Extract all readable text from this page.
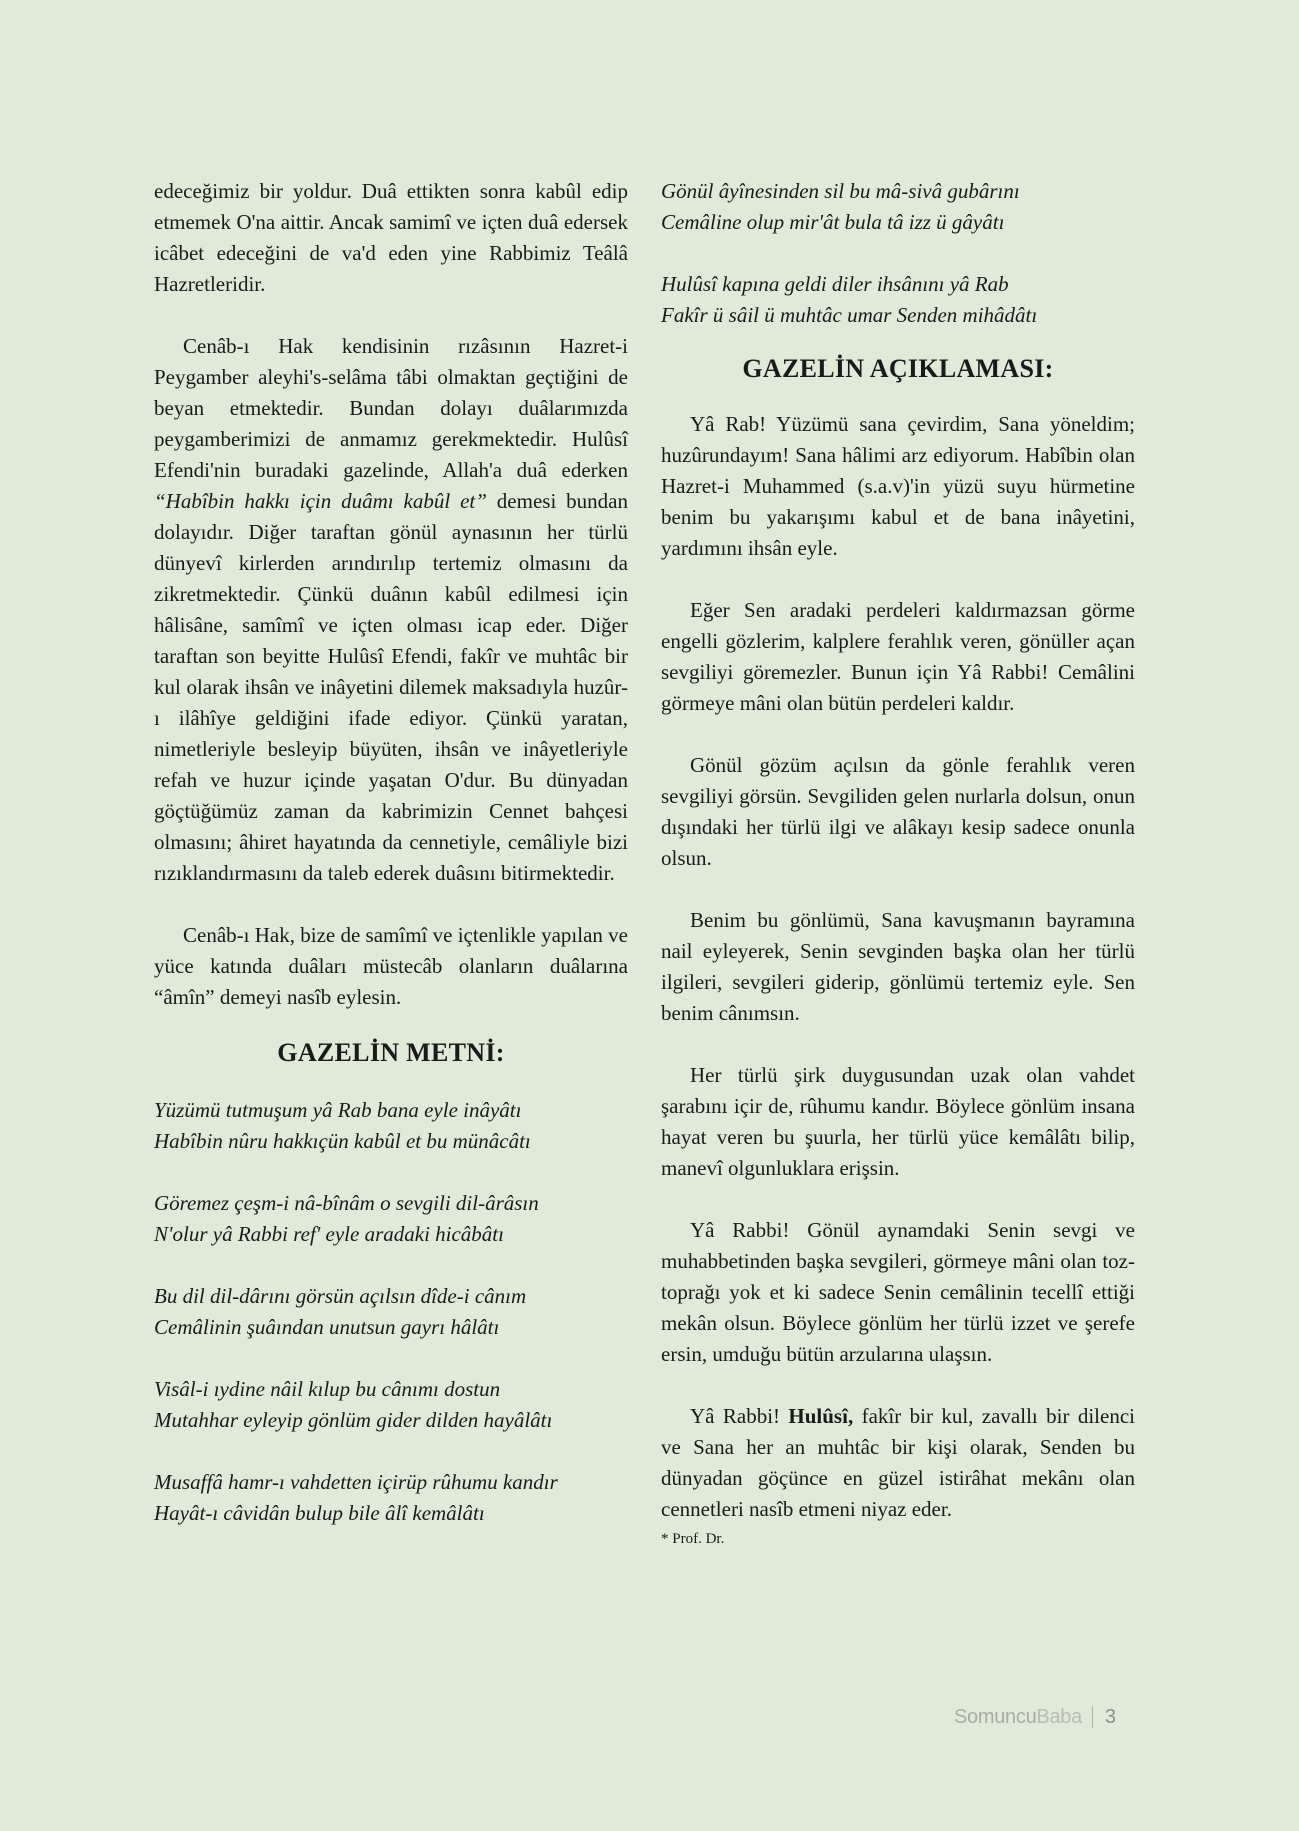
edeceğimiz bir yoldur. Duâ ettikten sonra kabûl edip etmemek O'na aittir. Ancak samimî ve içten duâ edersek icâbet edeceğini de va'd eden yine Rabbimiz Teâlâ Hazretleridir.

Cenâb-ı Hak kendisinin rızâsının Hazret-i Peygamber aleyhi's-selâma tâbi olmaktan geçtiğini de beyan etmektedir. Bundan dolayı duâlarımızda peygamberimizi de anmamız gerekmektedir. Hulûsî Efendi'nin buradaki gazelinde, Allah'a duâ ederken “Habîbin hakkı için duâmı kabûl et” demesi bundan dolayıdır. Diğer taraftan gönül aynasının her türlü dünyevî kirlerden arındırılıp tertemiz olmasını da zikretmektedir. Çünkü duânın kabûl edilmesi için hâlisâne, samîmî ve içten olması icap eder. Diğer taraftan son beyitte Hulûsî Efendi, fakîr ve muhtâc bir kul olarak ihsân ve inâyetini dilemek maksadıyla huzûr-ı ilâhîye geldiğini ifade ediyor. Çünkü yaratan, nimetleriyle besleyip büyüten, ihsân ve inâyetleriyle refah ve huzur içinde yaşatan O'dur. Bu dünyadan göçtüğümüz zaman da kabrimizin Cennet bahçesi olmasını; âhiret hayatında da cennetiyle, cemâliyle bizi rızıklandırmasını da taleb ederek duâsını bitirmektedir.

Cenâb-ı Hak, bize de samîmî ve içtenlikle yapılan ve yüce katında duâları müstecâb olanların duâlarına “âmîn” demeyi nasîb eylesin.

GAZELİN METNİ:
Yüzümü tutmuşum yâ Rab bana eyle inâyâtı
Habîbin nûru hakkıçün kabûl et bu münâcâtı
Göremez çeşm-i nâ-bînâm o sevgili dil-ârâsın
N'olur yâ Rabbi ref' eyle aradaki hicâbâtı
Bu dil dil-dârını görsün açılsın dîde-i cânım
Cemâlinin şuâından unutsun gayrı hâlâtı
Visâl-i ıydine nâil kılup bu cânımı dostun
Mutahhar eyleyip gönlüm gider dilden hayâlâtı
Musaffâ hamr-ı vahdetten içirüp rûhumu kandır
Hayât-ı câvidân bulup bile âlî kemâlâtı
Gönül âyînesinden sil bu mâ-sivâ gubârını
Cemâline olup mir'ât bula tâ izz ü gâyâtı
Hulûsî kapına geldi diler ihsânını yâ Rab
Fakîr ü sâil ü muhtâc umar Senden mihâdâtı
GAZELİN AÇIKLAMASI:

Yâ Rab! Yüzümü sana çevirdim, Sana yöneldim; huzûrundayım! Sana hâlimi arz ediyorum. Habîbin olan Hazret-i Muhammed (s.a.v)'in yüzü suyu hürmetine benim bu yakarışımı kabul et de bana inâyetini, yardımını ihsân eyle.

Eğer Sen aradaki perdeleri kaldırmazsan görme engelli gözlerim, kalplere ferahlık veren, gönüller açan sevgiliyi göremezler. Bunun için Yâ Rabbi! Cemâlini görmeye mâni olan bütün perdeleri kaldır.

Gönül gözüm açılsın da gönle ferahlık veren sevgiliyi görsün. Sevgiliden gelen nurlarla dolsun, onun dışındaki her türlü ilgi ve alâkayı kesip sadece onunla olsun.

Benim bu gönlümü, Sana kavuşmanın bayramına nail eyleyerek, Senin sevginden başka olan her türlü ilgileri, sevgileri giderip, gönlümü tertemiz eyle. Sen benim cânımsın.

Her türlü şirk duygusundan uzak olan vahdet şarabını içir de, rûhumu kandır. Böylece gönlüm insana hayat veren bu şuurla, her türlü yüce kemâlâtı bilip, manevî olgunluklara erişsin.

Yâ Rabbi! Gönül aynamdaki Senin sevgi ve muhabbetinden başka sevgileri, görmeye mâni olan toz-toprağı yok et ki sadece Senin cemâlinin tecellî ettiği mekân olsun. Böylece gönlüm her türlü izzet ve şerefe ersin, umduğu bütün arzularına ulaşsın.

Yâ Rabbi! Hulûsî, fakîr bir kul, zavallı bir dilenci ve Sana her an muhtâc bir kişi olarak, Senden bu dünyadan göçünce en güzel istirâhat mekânı olan cennetleri nasîb etmeni niyaz eder.

* Prof. Dr.

Somuncu Baba 3
